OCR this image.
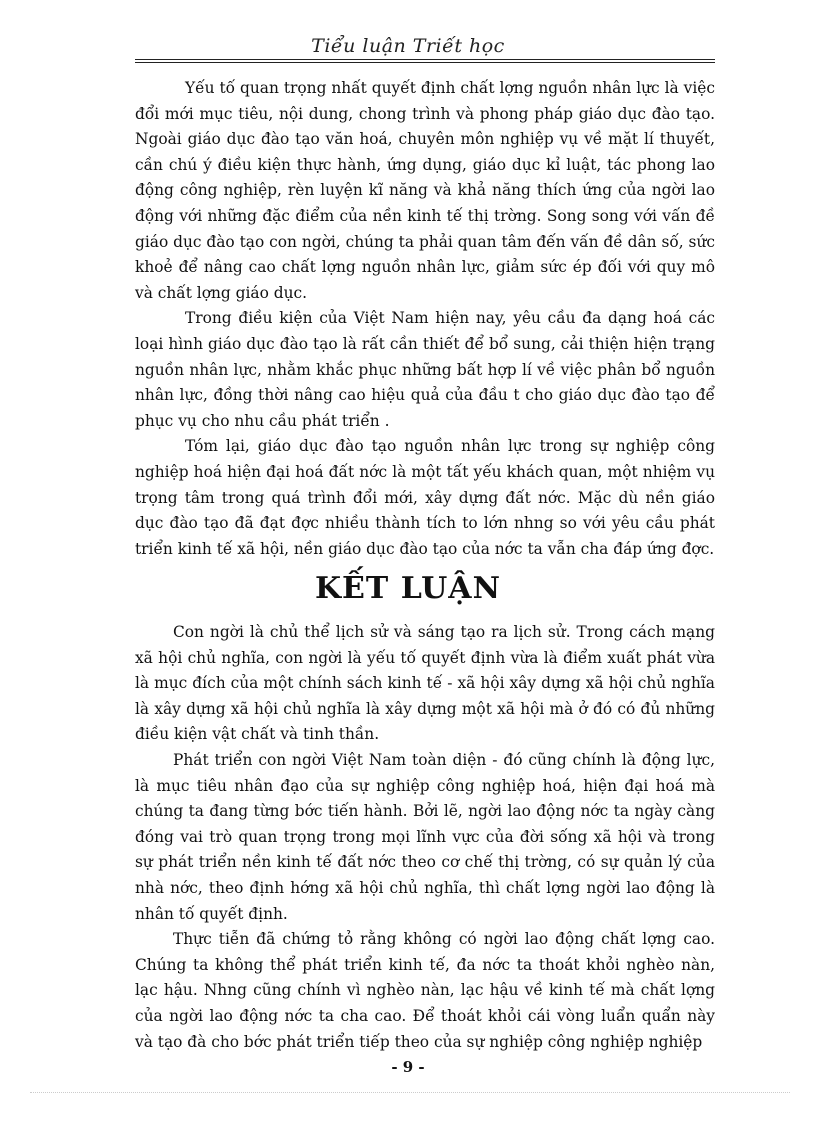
Tiểu luận Triết học

Yếu tố quan trọng nhất quyết định chất lợng nguồn nhân lực là việc đổi mới mục tiêu, nội dung, chong trình và phong pháp giáo dục đào tạo. Ngoài giáo dục đào tạo văn hoá, chuyên môn nghiệp vụ về mặt lí thuyết, cần chú ý điều kiện thực hành, ứng dụng, giáo dục kỉ luật, tác phong lao động công nghiệp, rèn luyện kĩ năng và khả năng thích ứng của ngời lao động với những đặc điểm của nền kinh tế thị trờng. Song song với vấn đề giáo dục đào tạo con ngời, chúng ta phải quan tâm đến vấn đề dân số, sức khoẻ để nâng cao chất lợng nguồn nhân lực, giảm sức ép đối với quy mô và chất lợng giáo dục.

Trong điều kiện của Việt Nam hiện nay, yêu cầu đa dạng hoá các loại hình giáo dục đào tạo là rất cần thiết để bổ sung, cải thiện hiện trạng nguồn nhân lực, nhằm khắc phục những bất hợp lí về việc phân bổ nguồn nhân lực, đồng thời nâng cao hiệu quả của đầu t cho giáo dục đào tạo để phục vụ cho nhu cầu phát triển .

Tóm lại, giáo dục đào tạo nguồn nhân lực trong sự nghiệp công nghiệp hoá hiện đại hoá đất nớc là một tất yếu khách quan, một nhiệm vụ trọng tâm trong quá trình đổi mới, xây dựng đất nớc. Mặc dù nền giáo dục đào tạo đã đạt đợc nhiều thành tích to lớn nhng so với yêu cầu phát triển kinh tế xã hội, nền giáo dục đào tạo của nớc ta vẫn cha đáp ứng đợc.

KẾT LUẬN

Con ngời là chủ thể lịch sử và sáng tạo ra lịch sử. Trong cách mạng xã hội chủ nghĩa, con ngời là yếu tố quyết định vừa là điểm xuất phát vừa là mục đích của một chính sách kinh tế - xã hội xây dựng xã hội chủ nghĩa là xây dựng xã hội chủ nghĩa là xây dựng một xã hội mà ở đó có đủ những điều kiện vật chất và tinh thần.

Phát triển con ngời Việt Nam toàn diện - đó cũng chính là động lực, là mục tiêu nhân đạo của sự nghiệp công nghiệp hoá, hiện đại hoá mà chúng ta đang từng bớc tiến hành. Bởi lẽ, ngời lao động nớc ta ngày càng đóng vai trò quan trọng trong mọi lĩnh vực của đời sống xã hội và trong sự phát triển nền kinh tế đất nớc theo cơ chế thị trờng, có sự quản lý của nhà nớc, theo định hớng xã hội chủ nghĩa, thì chất lợng ngời lao động là nhân tố quyết định.

Thực tiễn đã chứng tỏ rằng không có ngời lao động chất lợng cao. Chúng ta không thể phát triển kinh tế, đa nớc ta thoát khỏi nghèo nàn, lạc hậu. Nhng cũng chính vì nghèo nàn, lạc hậu về kinh tế mà chất lợng của ngời lao động nớc ta cha cao. Để thoát khỏi cái vòng luẩn quẩn này và tạo đà cho bớc phát triển tiếp theo của sự nghiệp công nghiệp nghiệp

- 9 -
